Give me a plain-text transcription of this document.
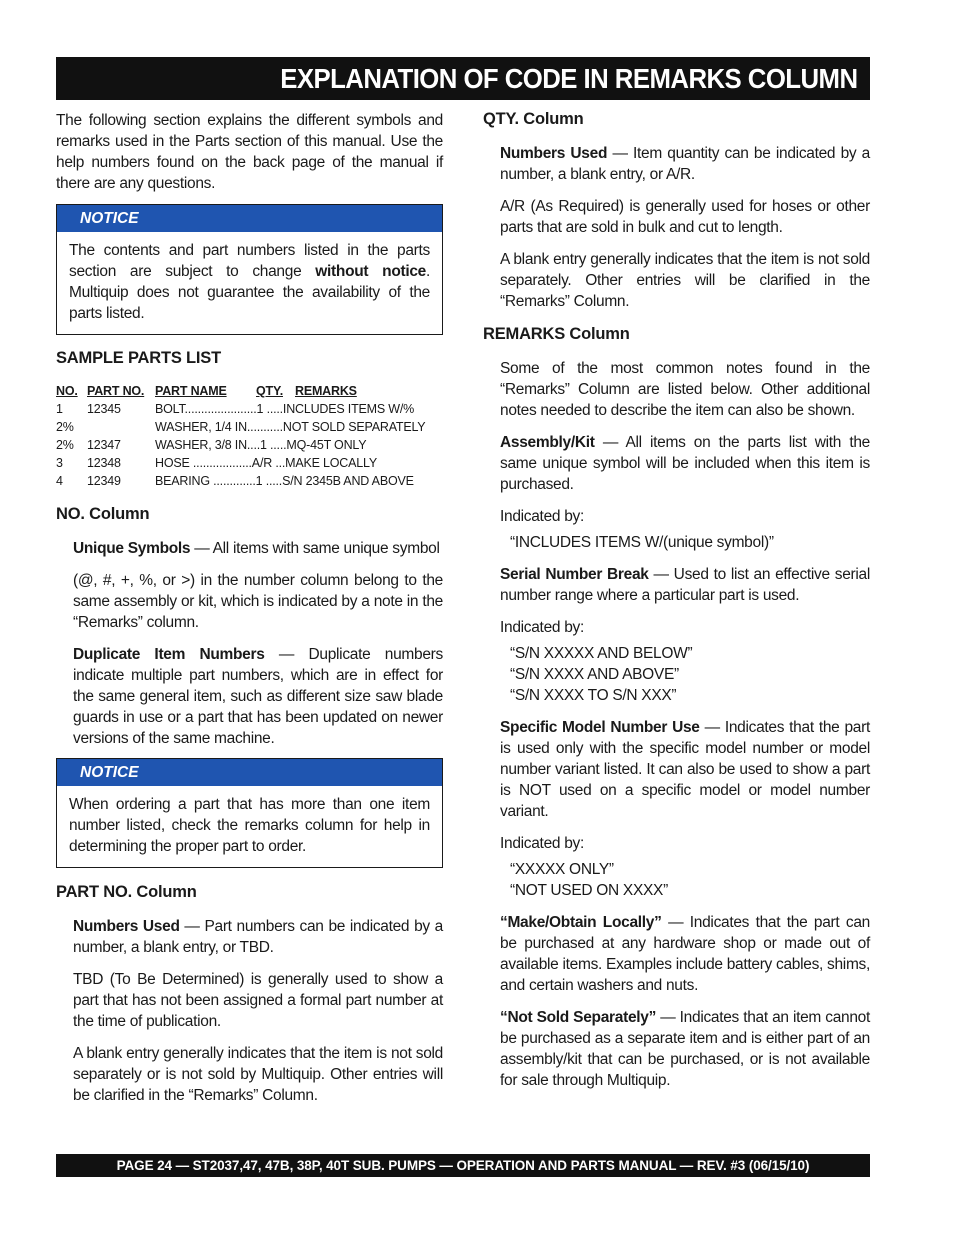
EXPLANATION OF CODE IN REMARKS COLUMN

The following section explains the different symbols and remarks used in the Parts section of this manual. Use the help numbers found on the back page of the manual if there are any questions.

NOTICE

The contents and part numbers listed in the parts section are subject to change without notice. Multiquip does not guarantee the availability of the parts listed.

SAMPLE PARTS LIST
NO. PART NO. PART NAME QTY. REMARKS
1 12345	BOLT......................1 .....INCLUDES ITEMS W/%
2%	WASHER, 1/4 IN...........NOT SOLD SEPARATELY
2% 12347	WASHER, 3/8 IN....1 .....MQ-45T ONLY
3 12348	HOSE ..................A/R ...MAKE LOCALLY
4 12349	BEARING .............1 .....S/N 2345B AND ABOVE
NO. Column

Unique Symbols — All items with same unique symbol

(@, #, +, %, or >) in the number column belong to the same assembly or kit, which is indicated by a note in the “Remarks” column.

Duplicate Item Numbers — Duplicate numbers indicate multiple part numbers, which are in effect for the same general item, such as different size saw blade guards in use or a part that has been updated on newer versions of the same machine.

NOTICE

When ordering a part that has more than one item number listed, check the remarks column for help in determining the proper part to order.

PART NO. Column

Numbers Used — Part numbers can be indicated by a number, a blank entry, or TBD.

TBD (To Be Determined) is generally used to show a part that has not been assigned a formal part number at the time of publication.

A blank entry generally indicates that the item is not sold separately or is not sold by Multiquip. Other entries will be clarified in the “Remarks” Column.

QTY. Column

Numbers Used — Item quantity can be indicated by a number, a blank entry, or A/R.

A/R (As Required) is generally used for hoses or other parts that are sold in bulk and cut to length.

A blank entry generally indicates that the item is not sold separately. Other entries will be clarified in the “Remarks” Column.

REMARKS Column

Some of the most common notes found in the “Remarks” Column are listed below. Other additional notes needed to describe the item can also be shown.

Assembly/Kit — All items on the parts list with the same unique symbol will be included when this item is purchased.

Indicated by:

“INCLUDES ITEMS W/(unique symbol)”

Serial Number Break — Used to list an effective serial number range where a particular part is used.

Indicated by:

“S/N XXXXX AND BELOW”

“S/N XXXX AND ABOVE”

“S/N XXXX TO S/N XXX”

Specific Model Number Use — Indicates that the part is used only with the specific model number or model number variant listed. It can also be used to show a part is NOT used on a specific model or model number variant.

Indicated by:

“XXXXX ONLY”

“NOT USED ON XXXX”

“Make/Obtain Locally” — Indicates that the part can be purchased at any hardware shop or made out of available items. Examples include battery cables, shims, and certain washers and nuts.

“Not Sold Separately” — Indicates that an item cannot be purchased as a separate item and is either part of an assembly/kit that can be purchased, or is not available for sale through Multiquip.

PAGE 24 — ST2037,47, 47B, 38P, 40T SUB. PUMPS — OPERATION AND PARTS MANUAL — REV. #3 (06/15/10)
